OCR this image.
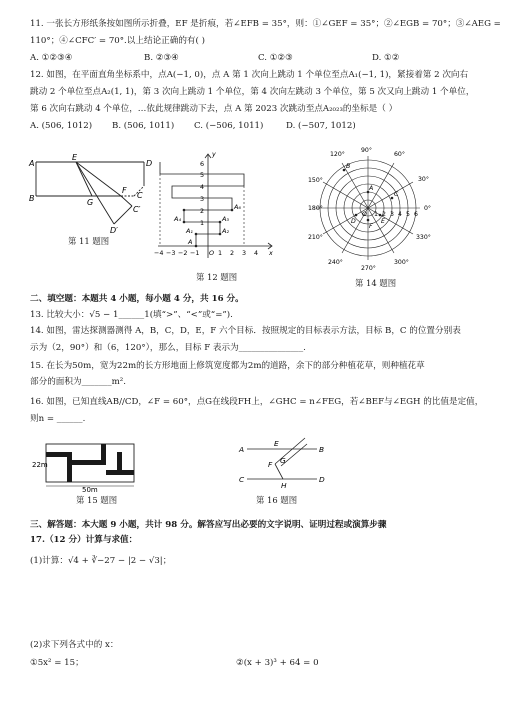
11. 一张长方形纸条按如图所示折叠，EF 是折痕，若∠EFB = 35°，则：①∠GEF = 35°；②∠EGB = 70°；③∠AEG =
110°；④∠CFC′ = 70°.以上结论正确的有( )
A. ①②③④	B. ②③④	C. ①②③	D. ①②
12. 如图，在平面直角坐标系中，点A(−1, 0)，点 A 第 1 次向上跳动 1 个单位至点A₁(−1, 1)，紧接着第 2 次向右
跳动 2 个单位至点A₂(1, 1)，第 3 次向上跳动 1 个单位，第 4 次向左跳动 3 个单位，第 5 次又向上跳动 1 个单位，
第 6 次向右跳动 4 个单位，…依此规律跳动下去，点 A 第 2023 次跳动至点A₂₀₂₃的坐标是（ ）
A. (506, 1012) B. (506, 1011) C. (−506, 1011)	D. (−507, 1012)
A
E
D
B	G
F
C
C′
D′
第 11 题图
6
5
4
3
2
1
−4 −3 −2 −1	1 2 3 4
O
y
x
A
A₁	A₂
A₃
A₄
A₆
第 12 题图
120°
90°
60°
150°	30°
180°	0°
210°	330°
240°
270°
300°
A
B
C
D	E
F
O 1 2 3 4 5 6
第 14 题图
二、填空题：本题共 4 小题，每小题 4 分，共 16 分。
13. 比较大小：√5 − 1______1(填“>”、“<”或“=”).
14. 如图，雷达探测器测得 A，B，C，D，E，F 六个目标．按照规定的目标表示方法，目标 B，C 的位置分别表
示为（2，90°）和（6，120°），那么，目标 F 表示为_______________.
15. 在长为50m，宽为22m的长方形地面上修筑宽度都为2m的道路，余下的部分种植花草，则种植花草
部分的面积为_______m².
16. 如图，已知直线AB//CD，∠F = 60°，点G在线段FH上，∠GHC = n∠FEG，若∠BEF与∠EGH 的比值是定值，
则n = ______.
22m
50m
第 15 题图
A
E
B
F G
C
H
D
第 16 题图
三、解答题：本大题 9 小题，共计 98 分。解答应写出必要的文字说明、证明过程或演算步骤
17.（12 分）计算与求值：
(1)计算：√4 + ∛−27 − |2 − √3|；
(2)求下列各式中的 x：
①5x² = 15；	②(x + 3)³ + 64 = 0
